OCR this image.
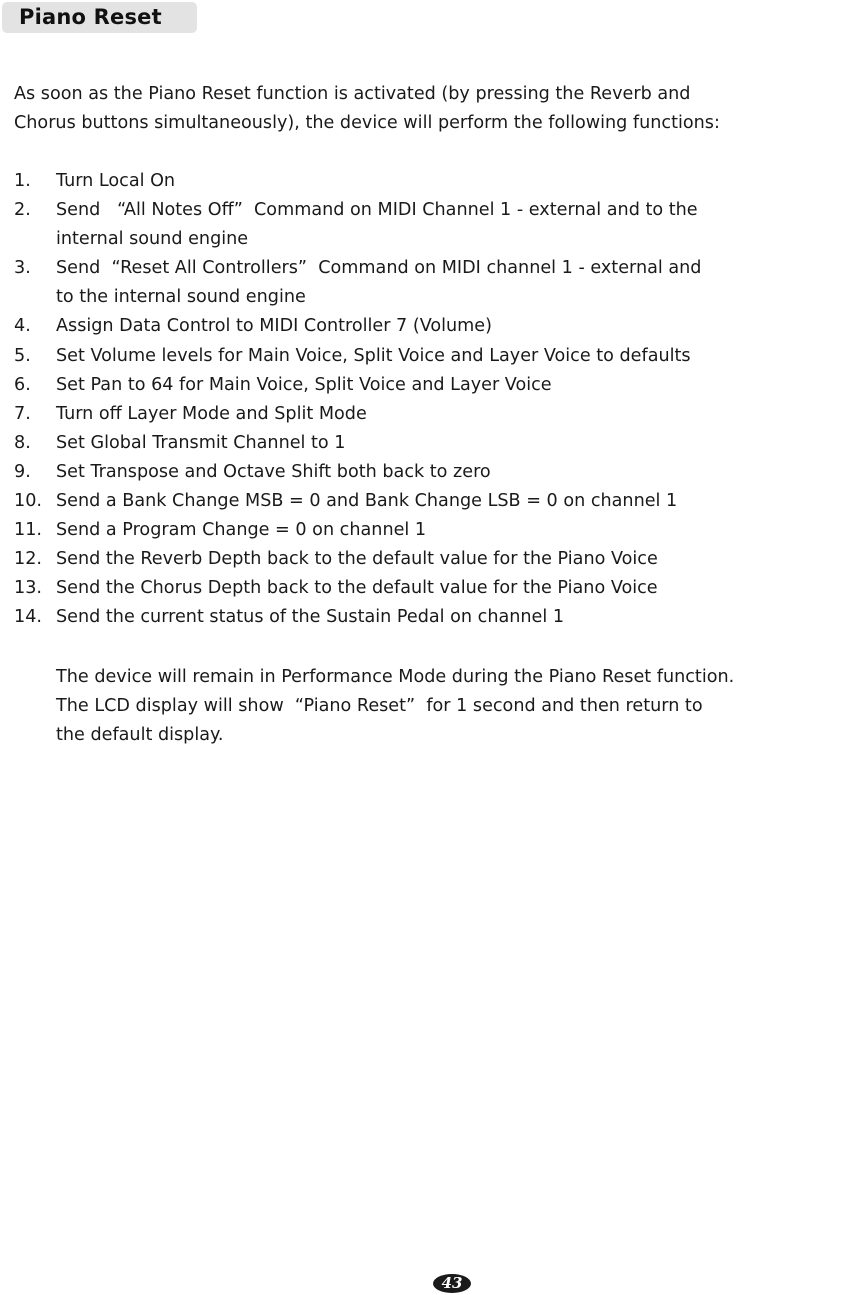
Piano Reset

As soon as the Piano Reset function is activated (by pressing the Reverb and

Chorus buttons simultaneously), the device will perform the following functions:

1. Turn Local On
2. Send   “All Notes Off”  Command on MIDI Channel 1 - external and to the
internal sound engine
3. Send  “Reset All Controllers”  Command on MIDI channel 1 - external and
to the internal sound engine
4. Assign Data Control to MIDI Controller 7 (Volume)
5. Set Volume levels for Main Voice, Split Voice and Layer Voice to defaults
6. Set Pan to 64 for Main Voice, Split Voice and Layer Voice
7. Turn off Layer Mode and Split Mode
8. Set Global Transmit Channel to 1
9. Set Transpose and Octave Shift both back to zero
10. Send a Bank Change MSB = 0 and Bank Change LSB = 0 on channel 1
11. Send a Program Change = 0 on channel 1
12. Send the Reverb Depth back to the default value for the Piano Voice
13. Send the Chorus Depth back to the default value for the Piano Voice
14. Send the current status of the Sustain Pedal on channel 1

The device will remain in Performance Mode during the Piano Reset function.

The LCD display will show  “Piano Reset”  for 1 second and then return to

the default display.

43
